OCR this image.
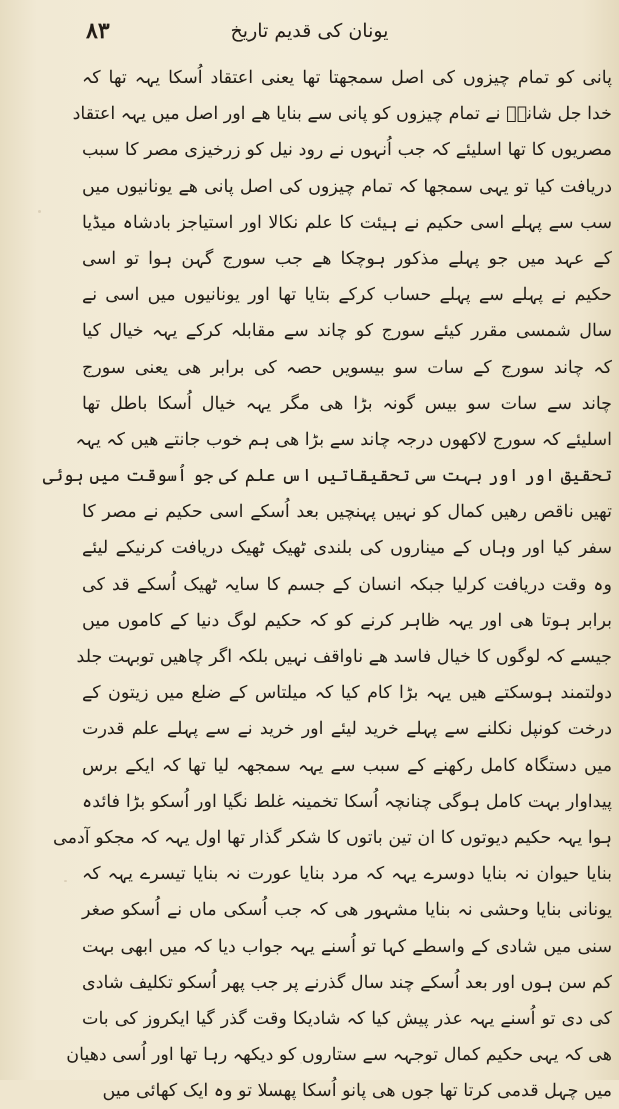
۸۳	یونان کی قدیم تاریخ
پانی کو تمام چیزوں کی اصل سمجھتا تھا یعنی اعتقاد اُسکا یہہ تھا کہ
خدا جل شانہٗ نے تمام چیزوں کو پانی سے بنایا ھے اور اصل میں یہہ اعتقاد
مصریوں کا تھا اسلیئے کہ جب اُنہوں نے رود نیل کو زرخیزی مصر کا سبب
دریافت کیا تو یہی سمجھا کہ تمام چیزوں کی اصل پانی ھے یونانیوں میں
سب سے پہلے اسی حکیم نے ہیئت کا علم نکالا اور استیاجز بادشاہ میڈیا
کے عہد میں جو پہلے مذکور ہوچکا ھے جب سورج گہن ہوا تو اسی
حکیم نے پہلے سے پہلے حساب کرکے بتایا تھا اور یونانیوں میں اسی نے
سال شمسی مقرر کیئے سورج کو چاند سے مقابلہ کرکے یہہ خیال کیا
کہ چاند سورج کے سات سو بیسویں حصہ کی برابر ھی یعنی سورج
چاند سے سات سو بیس گونہ بڑا ھی مگر یہہ خیال اُسکا باطل تھا
اسلیئے کہ سورج لاکھوں درجہ چاند سے بڑا ھی ہم خوب جانتے ھیں کہ یہہ
تحقیق اور اور بہت سی تحقیقاتیں اس علم کی جو اُسوقت میں ہوئی
تھیں ناقص رھیں کمال کو نہیں پہنچیں بعد اُسکے اسی حکیم نے مصر کا
سفر کیا اور وہاں کے میناروں کی بلندی ٹھیک ٹھیک دریافت کرنیکے لیئے
وہ وقت دریافت کرلیا جبکہ انسان کے جسم کا سایہ ٹھیک اُسکے قد کی
برابر ہوتا ھی اور یہہ ظاہر کرنے کو کہ حکیم لوگ دنیا کے کاموں میں
جیسے کہ لوگوں کا خیال فاسد ھے ناواقف نہیں بلکہ اگر چاھیں توبہت جلد
دولتمند ہوسکتے ھیں یہہ بڑا کام کیا کہ میلتاس کے ضلع میں زیتون کے
درخت کونپل نکلنے سے پہلے خرید لیئے اور خرید نے سے پہلے علم قدرت
میں دستگاہ کامل رکھنے کے سبب سے یہہ سمجھہ لیا تھا کہ ایکے برس
پیداوار بہت کامل ہوگی چنانچہ اُسکا تخمینہ غلط نگیا اور اُسکو بڑا فائدہ
ہوا یہہ حکیم دیوتوں کا ان تین باتوں کا شکر گذار تھا اول یہہ کہ مجکو آدمی
بنایا حیوان نہ بنایا دوسرے یہہ کہ مرد بنایا عورت نہ بنایا تیسرے یہہ کہ
یونانی بنایا وحشی نہ بنایا مشہور ھی کہ جب اُسکی ماں نے اُسکو صغر
سنی میں شادی کے واسطے کہا تو اُسنے یہہ جواب دیا کہ میں ابھی بہت
کم سن ہوں اور بعد اُسکے چند سال گذرنے پر جب پھر اُسکو تکلیف شادی
کی دی تو اُسنے یہہ عذر پیش کیا کہ شادیکا وقت گذر گیا ایکروز کی بات
ھی کہ یہی حکیم کمال توجہہ سے ستاروں کو دیکھہ رہا تھا اور اُسی دھیان
میں چہل قدمی کرتا تھا جوں ھی پانو اُسکا پھسلا تو وہ ایک کھائی میں
